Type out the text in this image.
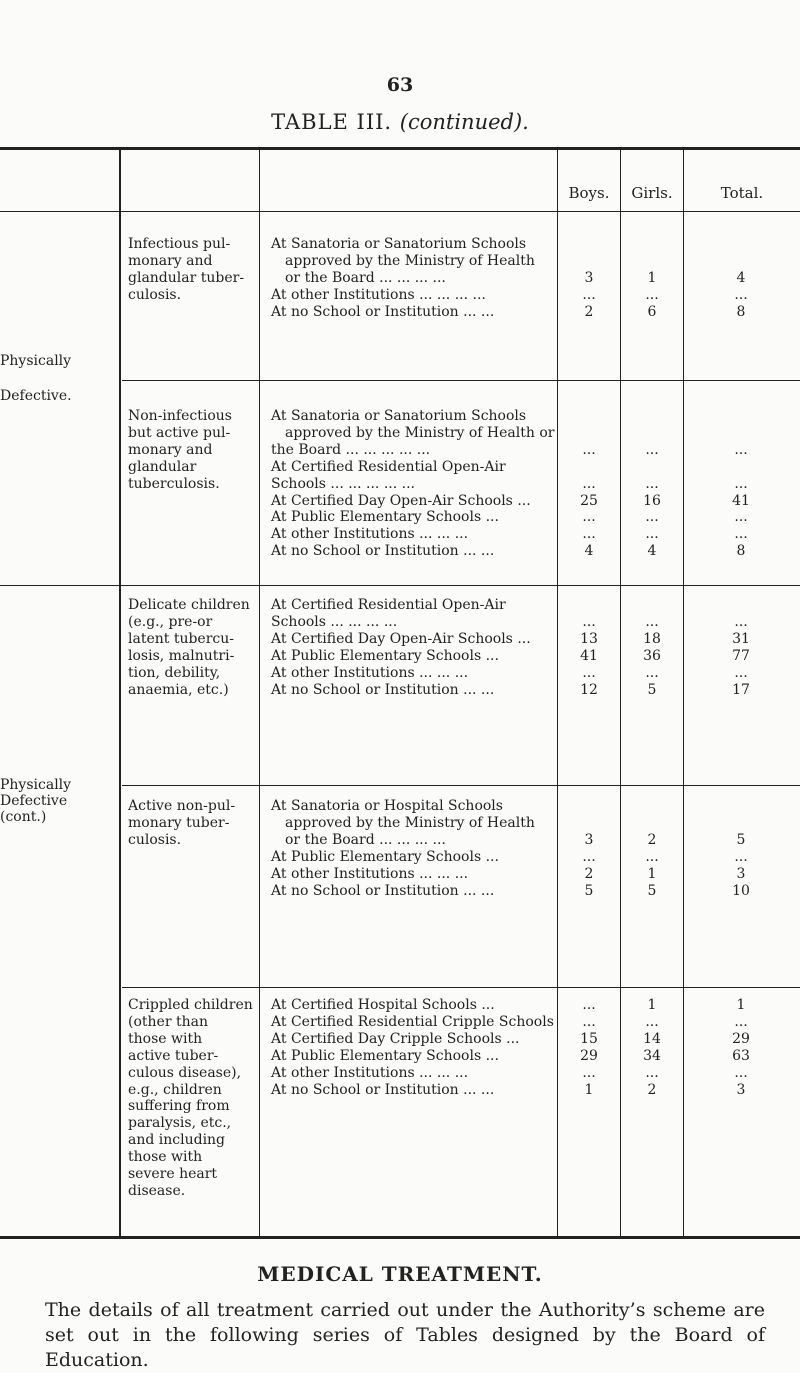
63
TABLE III. (continued).
Boys.	Girls.	Total.
Physically
Defective.
Physically
Defective
(cont.)
Infectious pul-
monary and
glandular tuber-
culosis.
At Sanatoria or Sanatorium Schools
approved by the Ministry of Health
or the Board ... ... ... ...	3	1	4
At other Institutions ... ... ... ...	...	...	...
At no School or Institution ... ...	2	6	8
Non-infectious
but active pul-
monary and
glandular
tuberculosis.
At Sanatoria or Sanatorium Schools
approved by the Ministry of Health or
the Board ... ... ... ... ...	...	...	...
At Certified Residential Open-Air
Schools ... ... ... ... ...	...	...	...
At Certified Day Open-Air Schools ...	25	16	41
At Public Elementary Schools ...	...	...	...
At other Institutions ... ... ...	...	...	...
At no School or Institution ... ...	4	4	8
Delicate children
(e.g., pre-or
latent tubercu-
losis, malnutri-
tion, debility,
anaemia, etc.)
At Certified Residential Open-Air
Schools ... ... ... ...	...	...	...
At Certified Day Open-Air Schools ...	13	18	31
At Public Elementary Schools ...	41	36	77
At other Institutions ... ... ...	...	...	...
At no School or Institution ... ...	12	5	17
Active non-pul-
monary tuber-
culosis.
At Sanatoria or Hospital Schools
approved by the Ministry of Health
or the Board ... ... ... ...	3	2	5
At Public Elementary Schools ...	...	...	...
At other Institutions ... ... ...	2	1	3
At no School or Institution ... ...	5	5	10
Crippled children
(other than
those with
active tuber-
culous disease),
e.g., children
suffering from
paralysis, etc.,
and including
those with
severe heart
disease.
At Certified Hospital Schools ...	...	1	1
At Certified Residential Cripple Schools	...	...	...
At Certified Day Cripple Schools ...	15	14	29
At Public Elementary Schools ...	29	34	63
At other Institutions ... ... ...	...	...	...
At no School or Institution ... ...	1	2	3
MEDICAL TREATMENT.
The details of all treatment carried out under the Authority’s scheme are set out in the following series of Tables designed by the Board of Education.
